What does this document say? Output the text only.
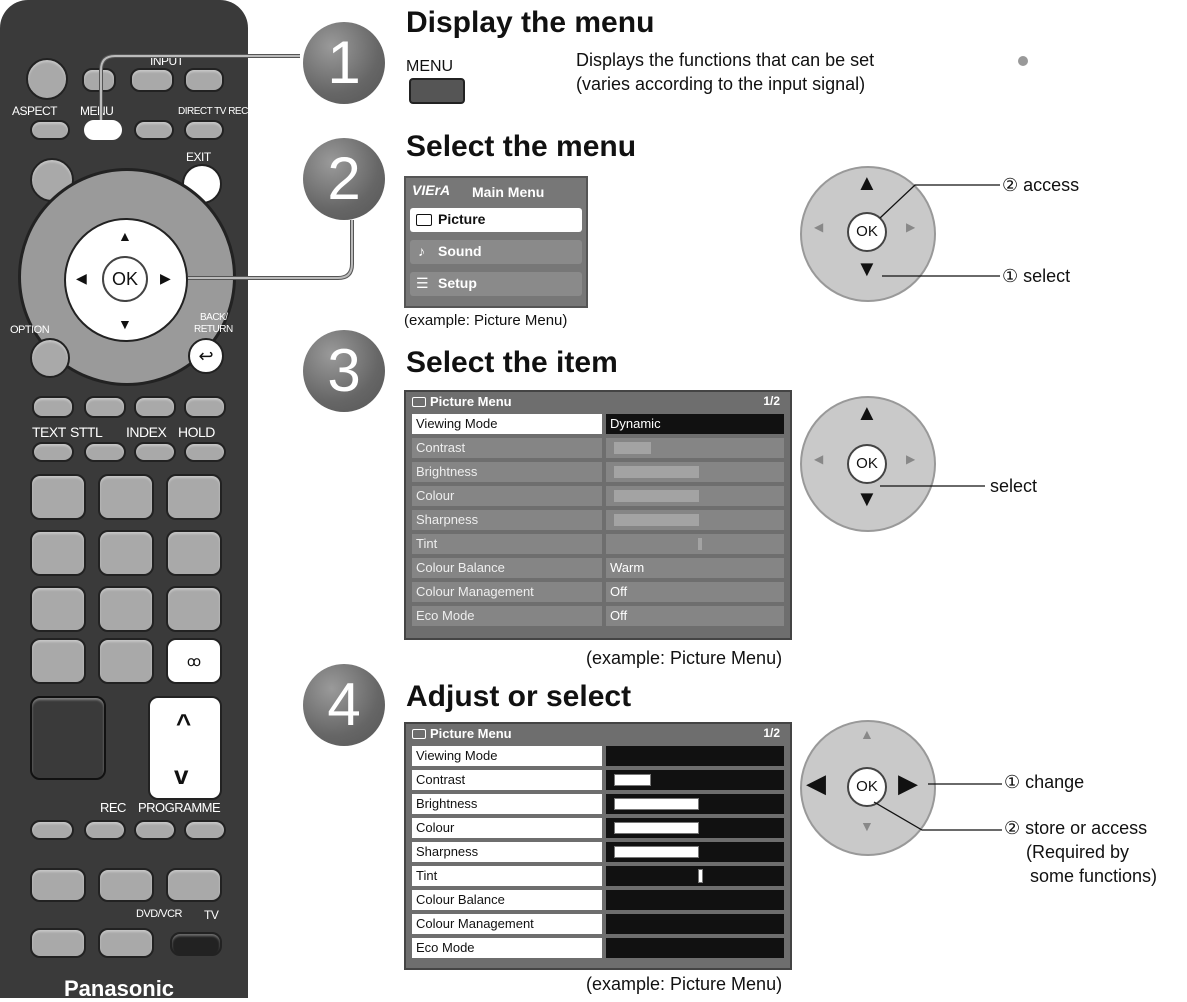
INPUT
ASPECT MENU	DIRECT TV REC
EXIT
OK
▲
▼
◀	▶
OPTION
BACK/
RETURN
↩
TEXT STTL INDEX HOLD
ꝏ
^
v
REC PROGRAMME
DVD/VCR TV
Panasonic
1
Display the menu
MENU	Displays the functions that can be set
(varies according to the input signal)
2	Select the menu
VIErA Main Menu
Picture
♪ Sound
☰ Setup
(example: Picture Menu)
OK
▲
▼
◀	▶
② access
① select
3	Select the item
Picture Menu	1/2
Viewing Mode	Dynamic
Contrast
Brightness
Colour
Sharpness
Tint
Colour Balance	Warm
Colour Management	Off
Eco Mode	Off
(example: Picture Menu)
OK
▲
▼
◀	▶
select
4	Adjust or select
Picture Menu	1/2
Viewing Mode
Contrast
Brightness
Colour
Sharpness
Tint
Colour Balance
Colour Management
Eco Mode
(example: Picture Menu)
OK
▲
▼
◀	▶	① change
② store or access
(Required by
some functions)
